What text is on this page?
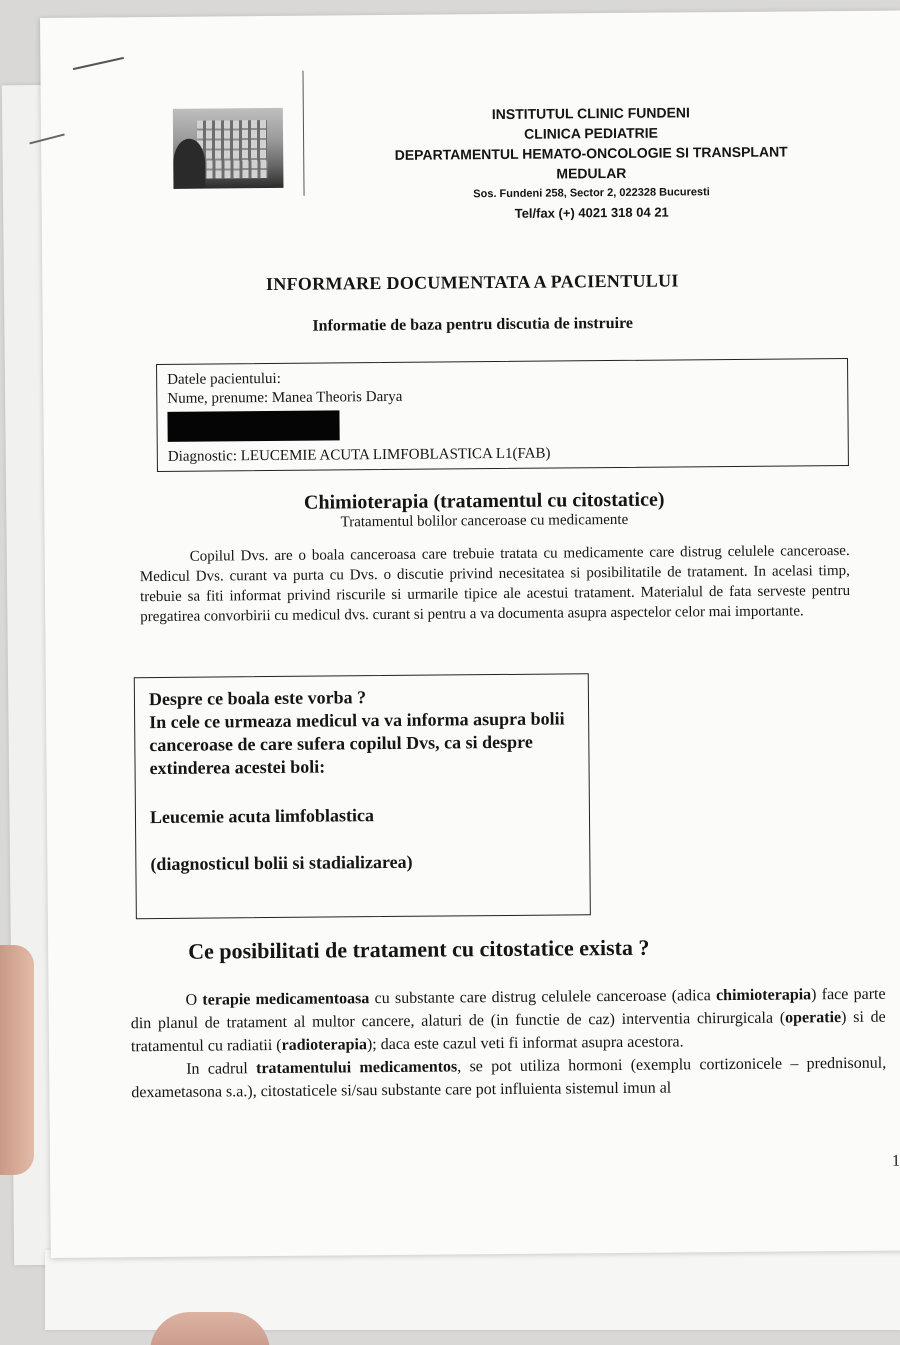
INSTITUTUL CLINIC FUNDENI
CLINICA PEDIATRIE
DEPARTAMENTUL HEMATO-ONCOLOGIE SI TRANSPLANT MEDULAR
Sos. Fundeni 258, Sector 2, 022328 Bucuresti
Tel/fax (+) 4021 318 04 21
INFORMARE DOCUMENTATA A PACIENTULUI
Informatie de baza pentru discutia de instruire
Datele pacientului:
Nume, prenume: Manea Theoris Darya
Diagnostic: LEUCEMIE ACUTA LIMFOBLASTICA L1(FAB)
Chimioterapia (tratamentul cu citostatice)
Tratamentul bolilor canceroase cu medicamente
Copilul Dvs. are o boala canceroasa care trebuie tratata cu medicamente care distrug celulele canceroase. Medicul Dvs. curant va purta cu Dvs. o discutie privind necesitatea si posibilitatile de tratament. In acelasi timp, trebuie sa fiti informat privind riscurile si urmarile tipice ale acestui tratament. Materialul de fata serveste pentru pregatirea convorbirii cu medicul dvs. curant si pentru a va documenta asupra aspectelor celor mai importante.
Despre ce boala este vorba ?
In cele ce urmeaza medicul va va informa asupra bolii canceroase de care sufera copilul Dvs, ca si despre extinderea acestei boli:
Leucemie acuta limfoblastica
(diagnosticul bolii si stadializarea)
Ce posibilitati de tratament cu citostatice exista ?

O terapie medicamentoasa cu substante care distrug celulele canceroase (adica chimioterapia) face parte din planul de tratament al multor cancere, alaturi de (in functie de caz) interventia chirurgicala (operatie) si de tratamentul cu radiatii (radioterapia); daca este cazul veti fi informat asupra acestora.

In cadrul tratamentului medicamentos, se pot utiliza hormoni (exemplu cortizonicele – prednisonul, dexametasona s.a.), citostaticele si/sau substante care pot influienta sistemul imun al

1
